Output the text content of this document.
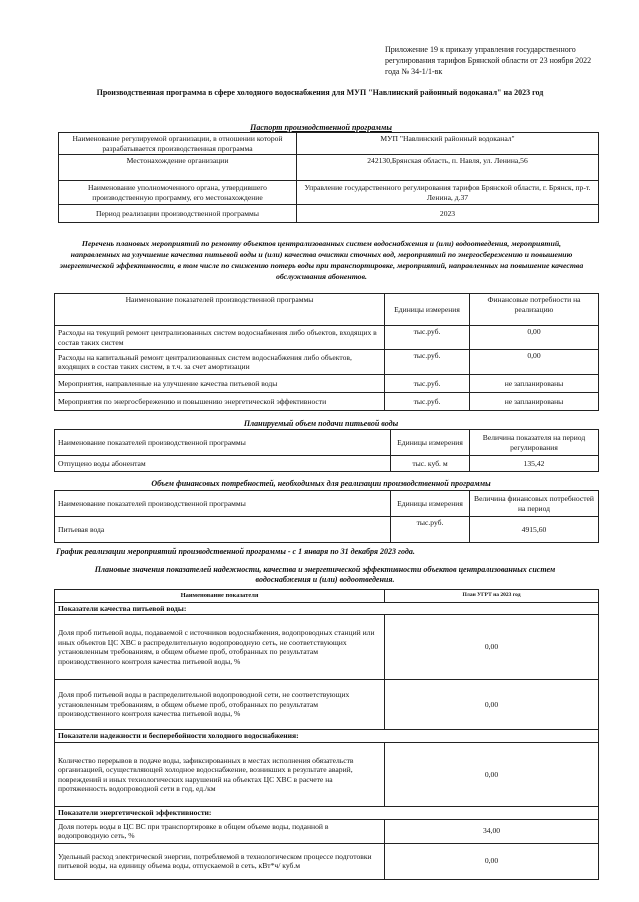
Приложение 19 к приказу управления государственного регулирования тарифов Брянской области от 23 ноября 2022 года № 34-1/1-вк
Производственная программа в сфере холодного водоснабжения для МУП "Навлинский районный водоканал" на 2023 год
Паспорт производственной программы
Наименование регулируемой организации, в отношении которой разрабатывается производственная программа	МУП "Навлинский районный водоканал"
Местонахождение организации	242130,Брянская область, п. Навля, ул. Ленина,56
Наименование уполномоченного органа, утвердившего производственную программу, его местонахождение	Управление государственного регулирования тарифов Брянской области, г. Брянск, пр-т. Ленина, д.37
Период реализации производственной программы	2023
Перечень плановых мероприятий по ремонту объектов централизованных систем водоснабжения и (или) водоотведения, мероприятий, направленных на улучшение качества питьевой воды и (или) качества очистки сточных вод, мероприятий по энергосбережению и повышению энергетической эффективности, в том числе по снижению потерь воды при транспортировке, мероприятий, направленных на повышение качества обслуживания абонентов.
Наименование показателей производственной программы	Единицы измерения	Финансовые потребности на реализацию
Расходы на текущий ремонт централизованных систем водоснабжения либо объектов, входящих в состав таких систем	тыс.руб.	0,00
Расходы на капитальный ремонт централизованных систем водоснабжения либо объектов, входящих в состав таких систем, в т.ч. за счет амортизации	тыс.руб.	0,00
Мероприятия, направленные на улучшение качества питьевой воды	тыс.руб.	не запланированы
Мероприятия по энергосбережению и повышению энергетической эффективности	тыс.руб.	не запланированы
Планируемый объем подачи питьевой воды
Наименование показателей производственной программы	Единицы измерения	Величина показателя на период регулирования
Отпущено воды абонентам	тыс. куб. м	135,42
Объем финансовых потребностей, необходимых для реализации производственной программы
Наименование показателей производственной программы	Единицы измерения	Величина финансовых потребностей на период
Питьевая вода	тыс.руб.	4915,60
График реализации мероприятий производственной программы - с 1 января по 31 декабря 2023 года.
Плановые значения показателей надежности, качества и энергетической эффективности объектов централизованных систем водоснабжения и (или) водоотведения.
Наименование показателя	План УГРТ на 2023 год
Показатели качества питьевой воды:	
Доля проб питьевой воды, подаваемой с источников водоснабжения, водопроводных станций или иных объектов ЦС ХВС в распределительную водопроводную сеть, не соответствующих установленным требованиям, в общем объеме проб, отобранных по результатам производственного контроля качества питьевой воды, %	0,00
Доля проб питьевой воды в распределительной водопроводной сети, не соответствующих установленным требованиям, в общем объеме проб, отобранных по результатам производственного контроля качества питьевой воды, %	0,00
Показатели надежности и бесперебойности холодного водоснабжения:	
Количество перерывов в подаче воды, зафиксированных в местах исполнения обязательств организацией, осуществляющей холодное водоснабжение, возникших в результате аварий, повреждений и иных технологических нарушений на объектах ЦС ХВС в расчете на протяженность водопроводной сети в год, ед./км	0,00
Показатели энергетической эффективности:	
Доля потерь воды в ЦС ВС при транспортировке в общем объеме воды, поданной в водопроводную сеть, %	34,00
Удельный расход электрической энергии, потребляемой в технологическом процессе подготовки питьевой воды, на единицу объема воды, отпускаемой в сеть, кВт*ч/ куб.м	0,00
